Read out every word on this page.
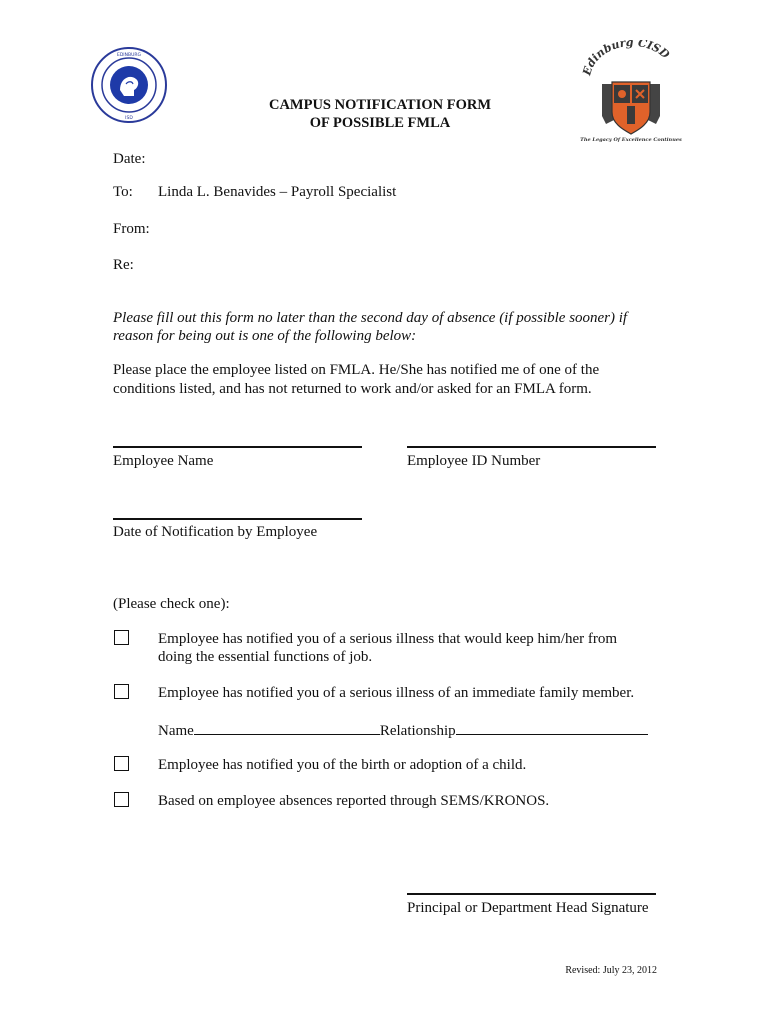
EDINBURG
ISD
CAMPUS NOTIFICATION FORM
OF POSSIBLE FMLA
Edinburg CISD
The Legacy Of Excellence Continues
Date:
To: Linda L. Benavides – Payroll Specialist
From:
Re:
Please fill out this form no later than the second day of absence (if possible sooner) if
reason for being out is one of the following below:
Please place the employee listed on FMLA. He/She has notified me of one of the
conditions listed, and has not returned to work and/or asked for an FMLA form.
Employee Name	Employee ID Number
Date of Notification by Employee
(Please check one):
Employee has notified you of a serious illness that would keep him/her from
doing the essential functions of job.
Employee has notified you of a serious illness of an immediate family member.
Name	Relationship
Employee has notified you of the birth or adoption of a child.
Based on employee absences reported through SEMS/KRONOS.
Principal or Department Head Signature
Revised: July 23, 2012
